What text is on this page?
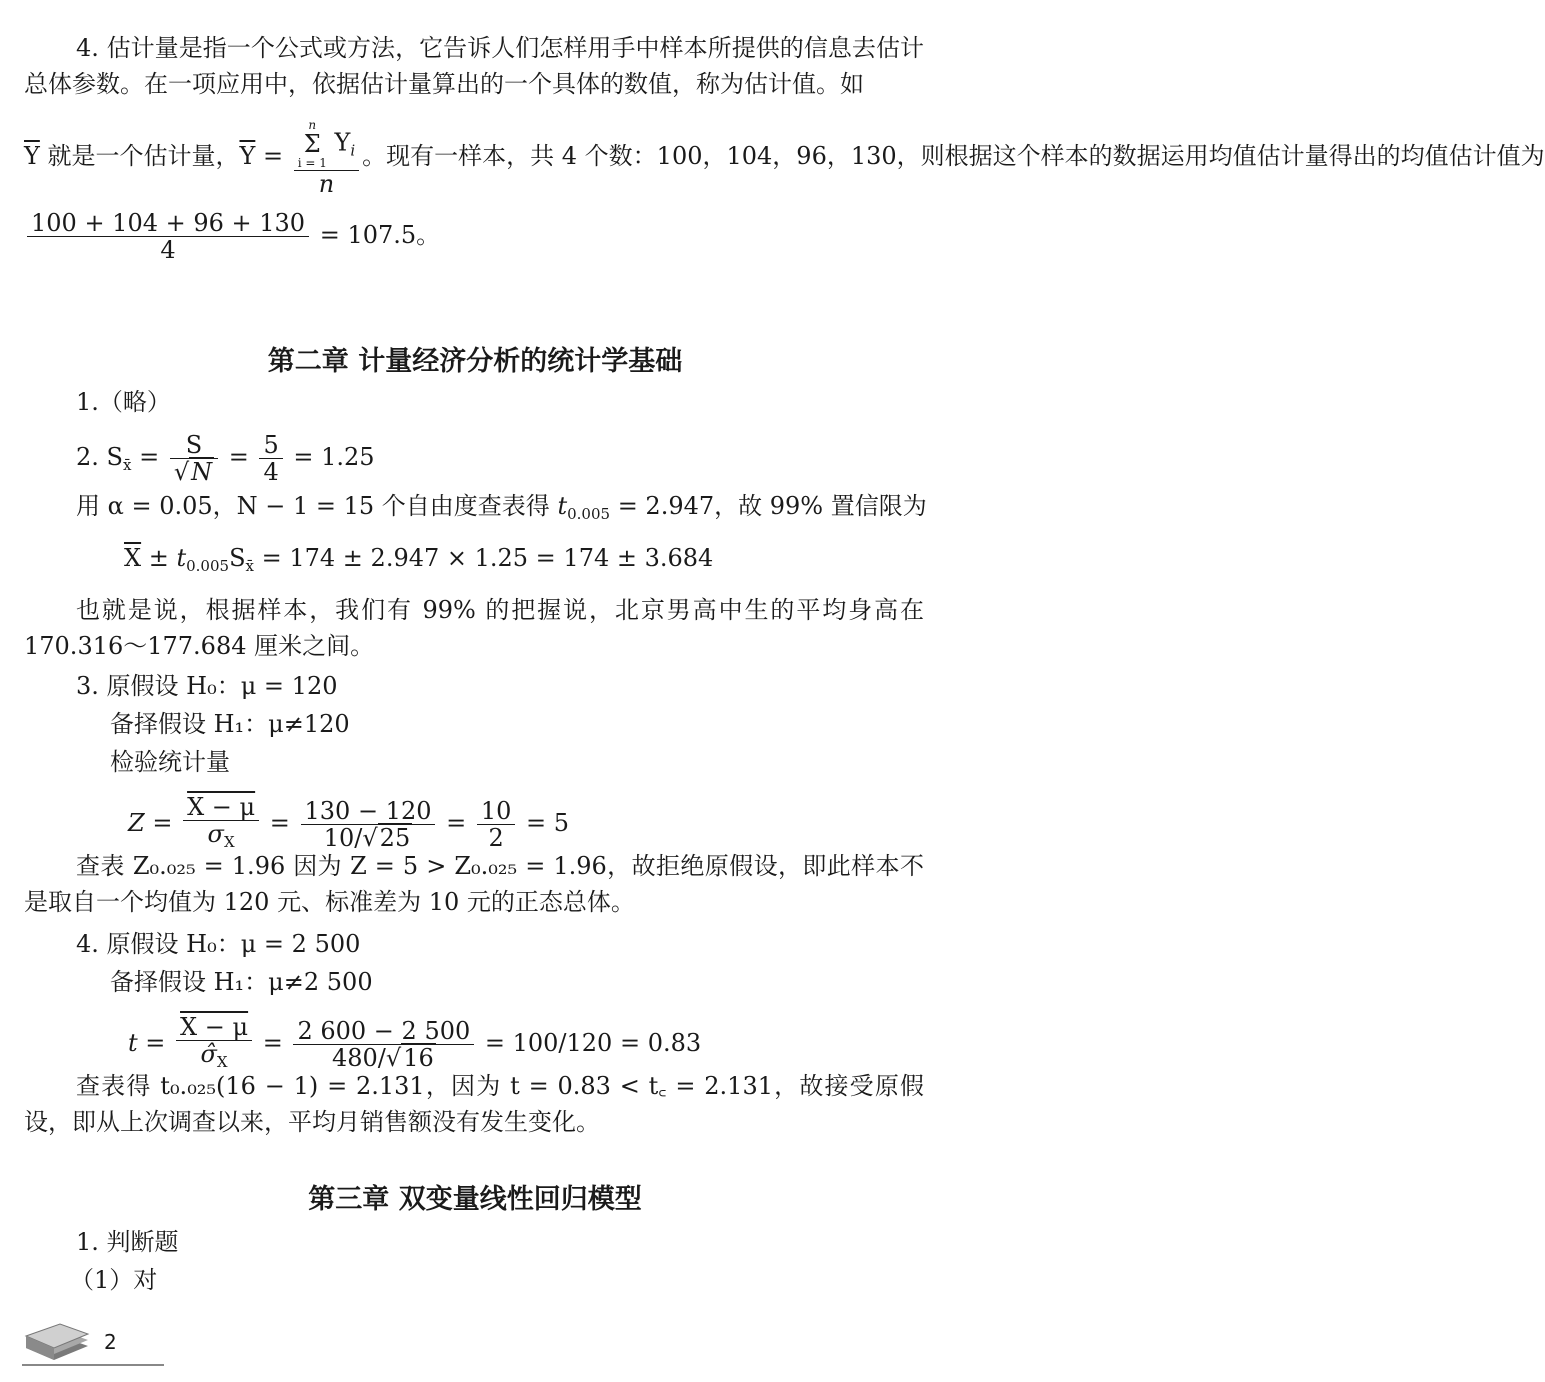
4. 估计量是指一个公式或方法，它告诉人们怎样用手中样本所提供的信息去估计总体参数。在一项应用中，依据估计量算出的一个具体的数值，称为估计值。如
$\overline{Y}$ 就是一个估计量，$\overline{Y} = n$
Σ
i = 1
$Y_i$
n 。现有一样本，共 4 个数：100，104，96，130，则根据这个样本的数据运用均值估计量得出的均值估计值为
$\frac{100 + 104 + 96 + 130}{4} = 107.5$。
第二章 计量经济分析的统计学基础
1.（略）
2. $S_{x̄} = \frac{S}{√N} = \frac{5}{4} = 1.25$
用 α = 0.05，N − 1 = 15 个自由度查表得 $t_{0.005} = 2.947$，故 99% 置信限为
$\overline{X} \pm t_{0.005}S_{x̄} = 174 \pm 2.947 \times 1.25 = 174 \pm 3.684$
也就是说，根据样本，我们有 99% 的把握说，北京男高中生的平均身高在 170.316～177.684 厘米之间。
3. 原假设 H₀：μ = 120
备择假设 H₁：μ≠120
检验统计量
$Z = \frac{X - \mu}{\sigma_X} = \frac{130 - 120}{10/√25} = \frac{10}{2} = 5$
查表 Z₀.₀₂₅ = 1.96 因为 Z = 5 > Z₀.₀₂₅ = 1.96，故拒绝原假设，即此样本不是取自一个均值为 120 元、标准差为 10 元的正态总体。
4. 原假设 H₀：μ = 2 500
备择假设 H₁：μ≠2 500
$t = \frac{X - \mu}{\sigmâ_X} = \frac{2 600 - 2 500}{480/√16} = 100/120 = 0.83$
查表得 t₀.₀₂₅(16 − 1) = 2.131，因为 t = 0.83 < t꜀ = 2.131，故接受原假设，即从上次调查以来，平均月销售额没有发生变化。
第三章 双变量线性回归模型
1. 判断题
（1）对
2
